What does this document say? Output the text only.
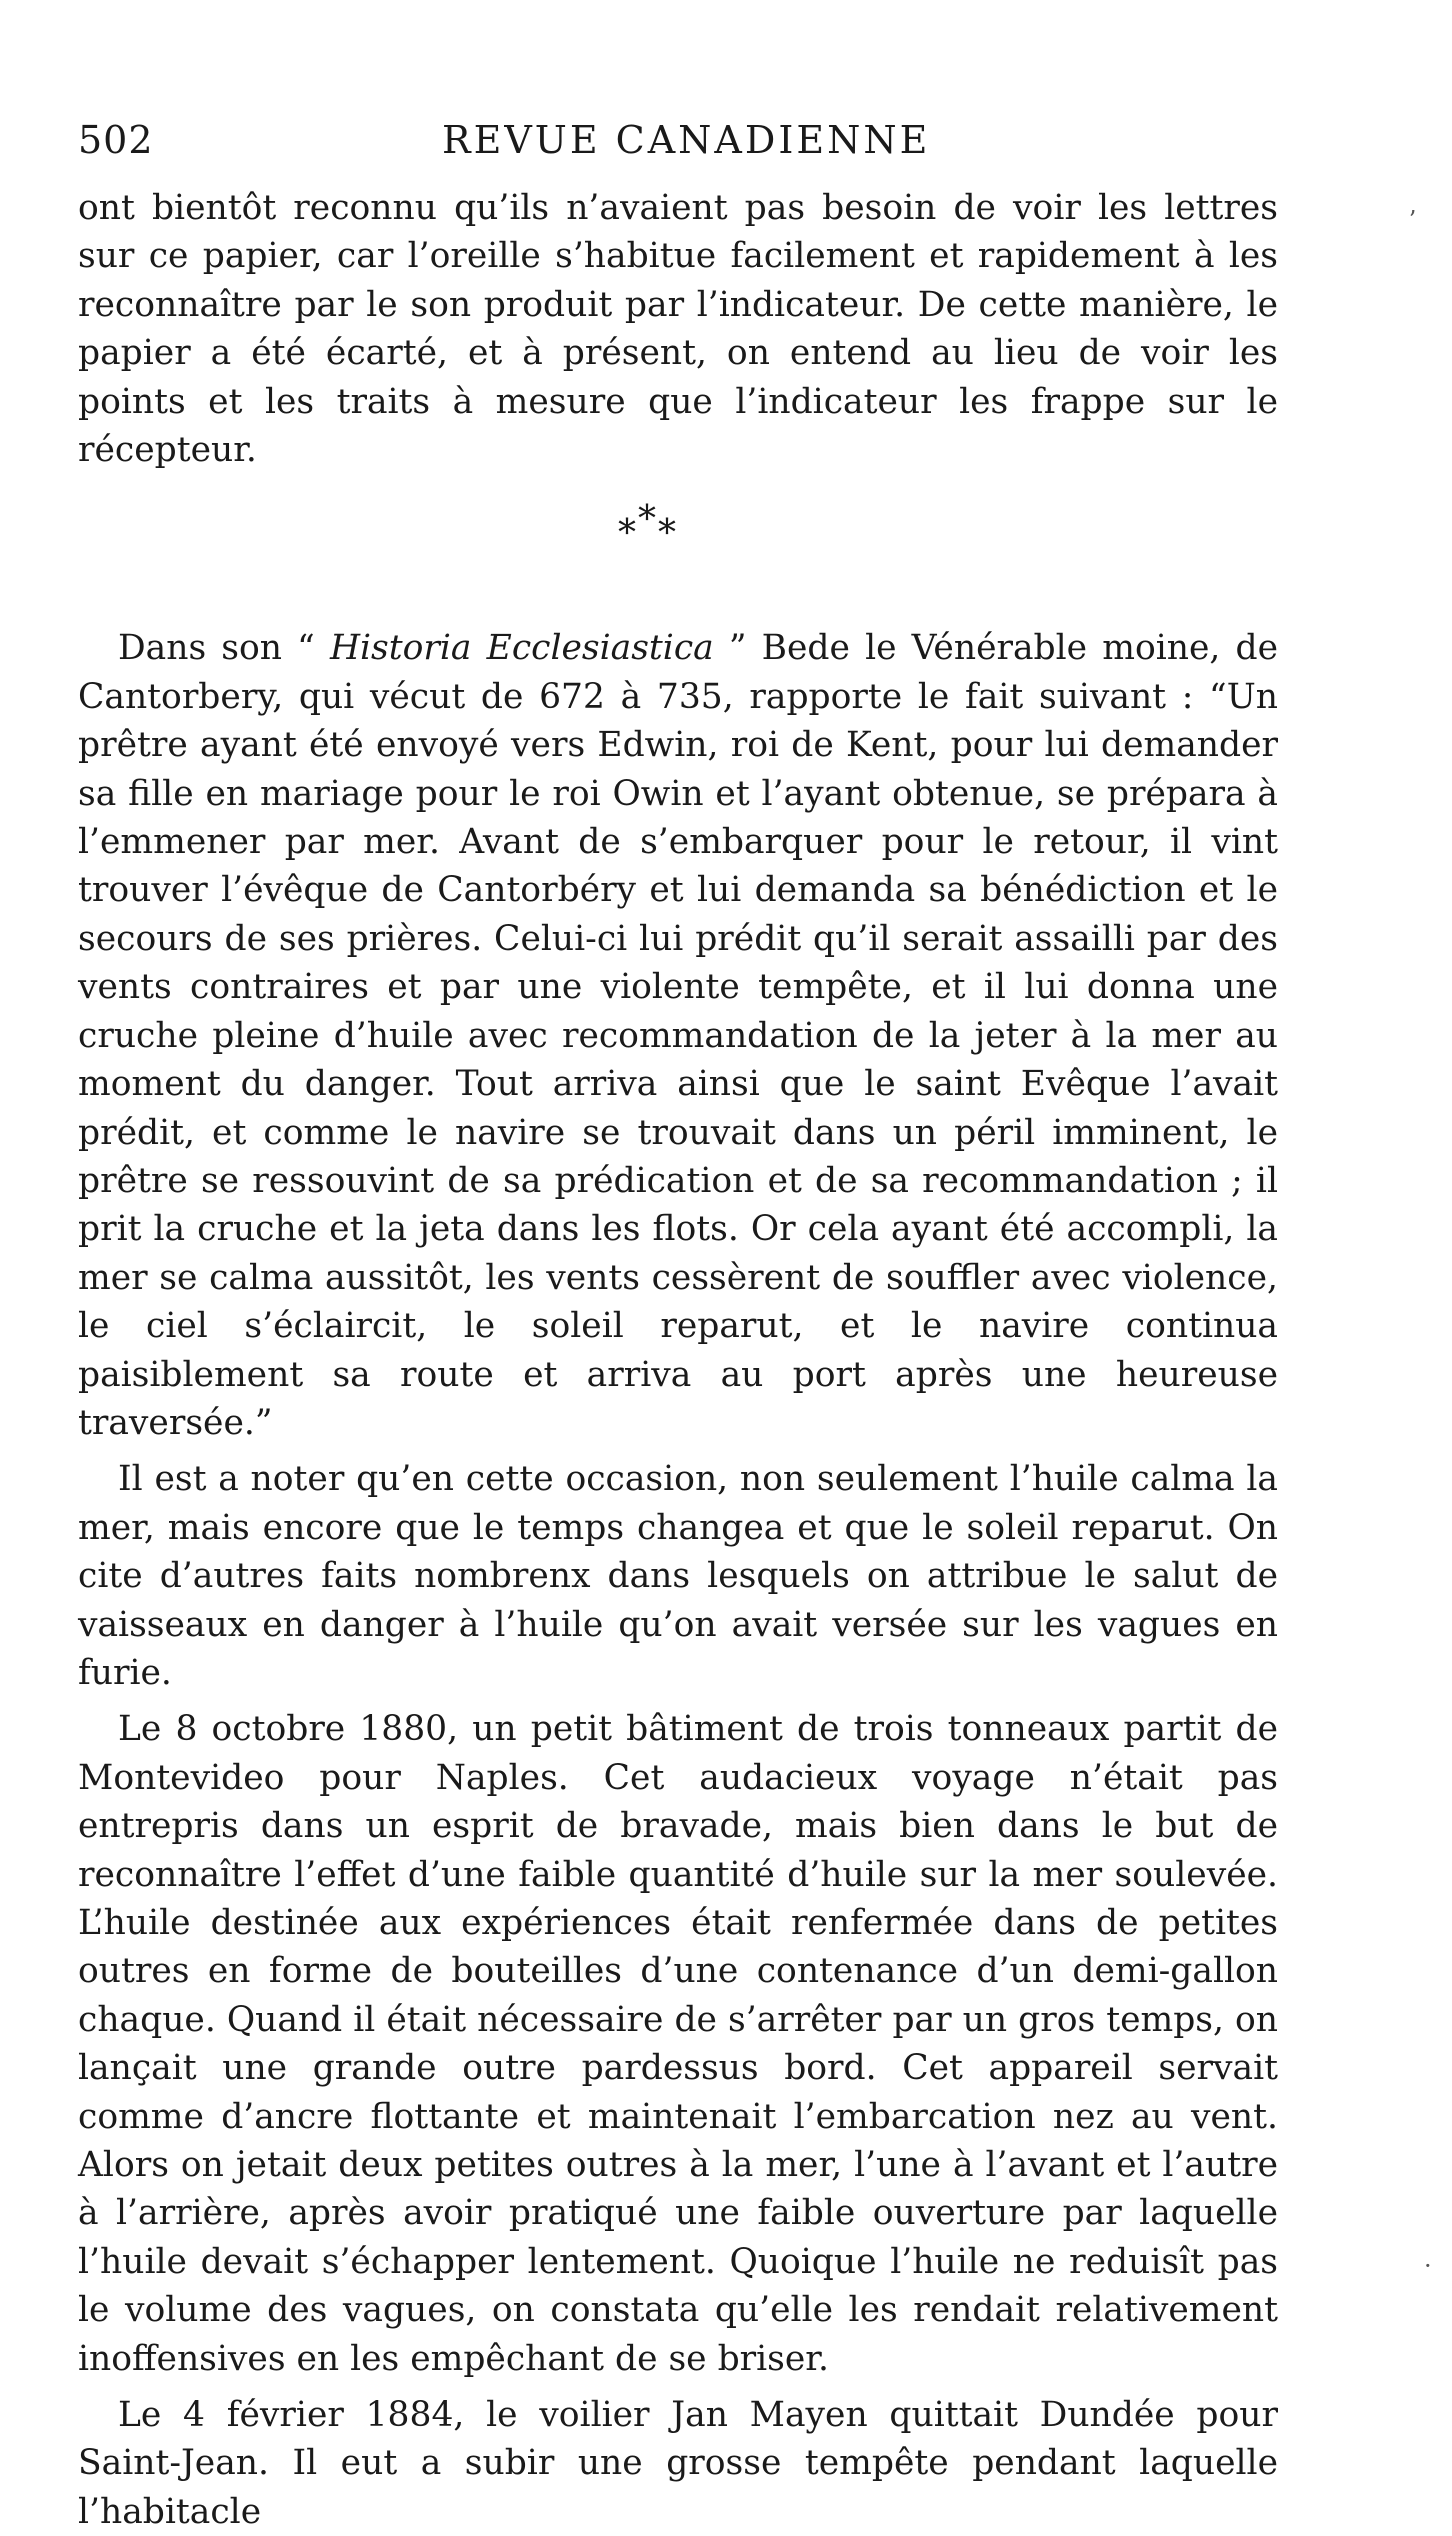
502	REVUE CANADIENNE

ont bientôt reconnu qu’ils n’avaient pas besoin de voir les lettres sur ce papier, car l’oreille s’habitue facilement et rapidement à les reconnaître par le son produit par l’indicateur. De cette manière, le papier a été écarté, et à présent, on entend au lieu de voir les points et les traits à mesure que l’indicateur les frappe sur le récepteur.

***

Dans son “ Historia Ecclesiastica ” Bede le Vénérable moine, de Cantorbery, qui vécut de 672 à 735, rapporte le fait suivant : “Un prêtre ayant été envoyé vers Edwin, roi de Kent, pour lui demander sa fille en mariage pour le roi Owin et l’ayant obtenue, se prépara à l’emmener par mer. Avant de s’embarquer pour le retour, il vint trouver l’évêque de Cantorbéry et lui demanda sa bénédiction et le secours de ses prières. Celui-ci lui prédit qu’il serait assailli par des vents contraires et par une violente tempête, et il lui donna une cruche pleine d’huile avec recommandation de la jeter à la mer au moment du danger. Tout arriva ainsi que le saint Evêque l’avait prédit, et comme le navire se trouvait dans un péril imminent, le prêtre se ressouvint de sa prédication et de sa recommandation ; il prit la cruche et la jeta dans les flots. Or cela ayant été accompli, la mer se calma aussitôt, les vents cessèrent de souffler avec violence, le ciel s’éclaircit, le soleil reparut, et le navire continua paisiblement sa route et arriva au port après une heureuse traversée.”

Il est a noter qu’en cette occasion, non seulement l’huile calma la mer, mais encore que le temps changea et que le soleil reparut. On cite d’autres faits nombrenx dans lesquels on attribue le salut de vaisseaux en danger à l’huile qu’on avait versée sur les vagues en furie.

Le 8 octobre 1880, un petit bâtiment de trois tonneaux partit de Montevideo pour Naples. Cet audacieux voyage n’était pas entrepris dans un esprit de bravade, mais bien dans le but de reconnaître l’effet d’une faible quantité d’huile sur la mer soulevée. L’huile destinée aux expériences était renfermée dans de petites outres en forme de bouteilles d’une contenance d’un demi-gallon chaque. Quand il était nécessaire de s’arrêter par un gros temps, on lançait une grande outre pardessus bord. Cet appareil servait comme d’ancre flottante et maintenait l’embarcation nez au vent. Alors on jetait deux petites outres à la mer, l’une à l’avant et l’autre à l’arrière, après avoir pratiqué une faible ouverture par laquelle l’huile devait s’échapper lentement. Quoique l’huile ne reduisît pas le volume des vagues, on constata qu’elle les rendait relativement inoffensives en les empêchant de se briser.

Le 4 février 1884, le voilier Jan Mayen quittait Dundée pour Saint-Jean. Il eut a subir une grosse tempête pendant laquelle l’habitacle

ʼ
·
